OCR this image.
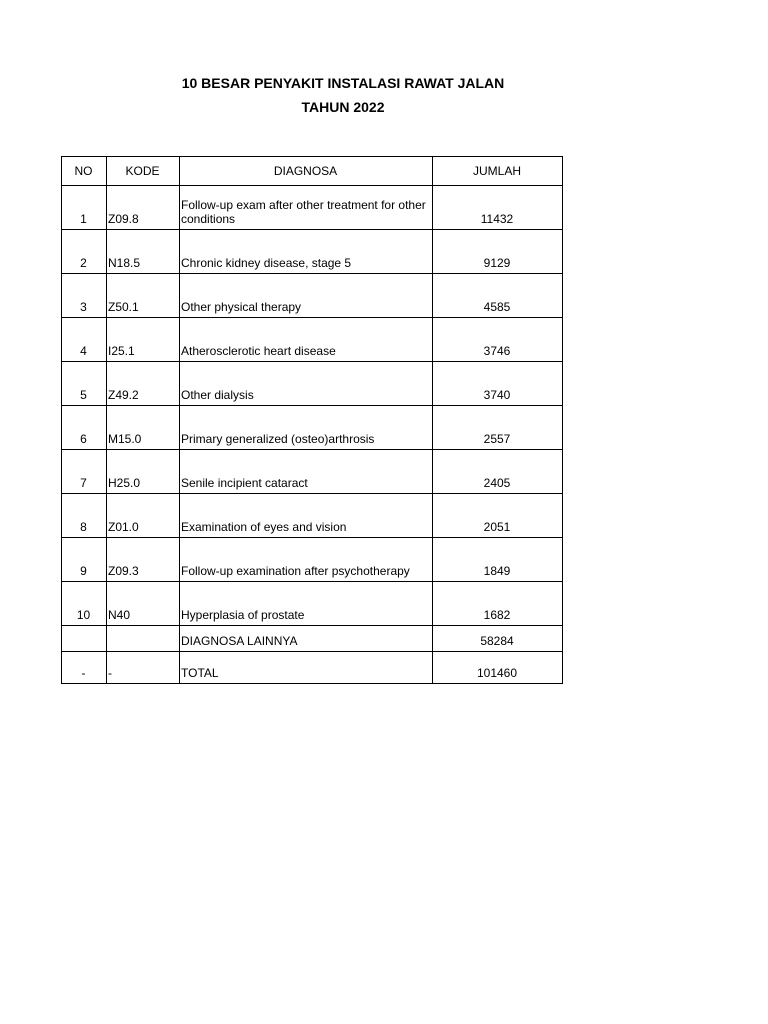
10 BESAR PENYAKIT INSTALASI RAWAT JALAN
TAHUN 2022
NO	KODE	DIAGNOSA	JUMLAH
1	Z09.8	Follow-up exam after other treatment for other conditions	11432
2	N18.5	Chronic kidney disease, stage 5	9129
3	Z50.1	Other physical therapy	4585
4	I25.1	Atherosclerotic heart disease	3746
5	Z49.2	Other dialysis	3740
6	M15.0	Primary generalized (osteo)arthrosis	2557
7	H25.0	Senile incipient cataract	2405
8	Z01.0	Examination of eyes and vision	2051
9	Z09.3	Follow-up examination after psychotherapy	1849
10	N40	Hyperplasia of prostate	1682
		DIAGNOSA LAINNYA	58284
-	-	TOTAL	101460
